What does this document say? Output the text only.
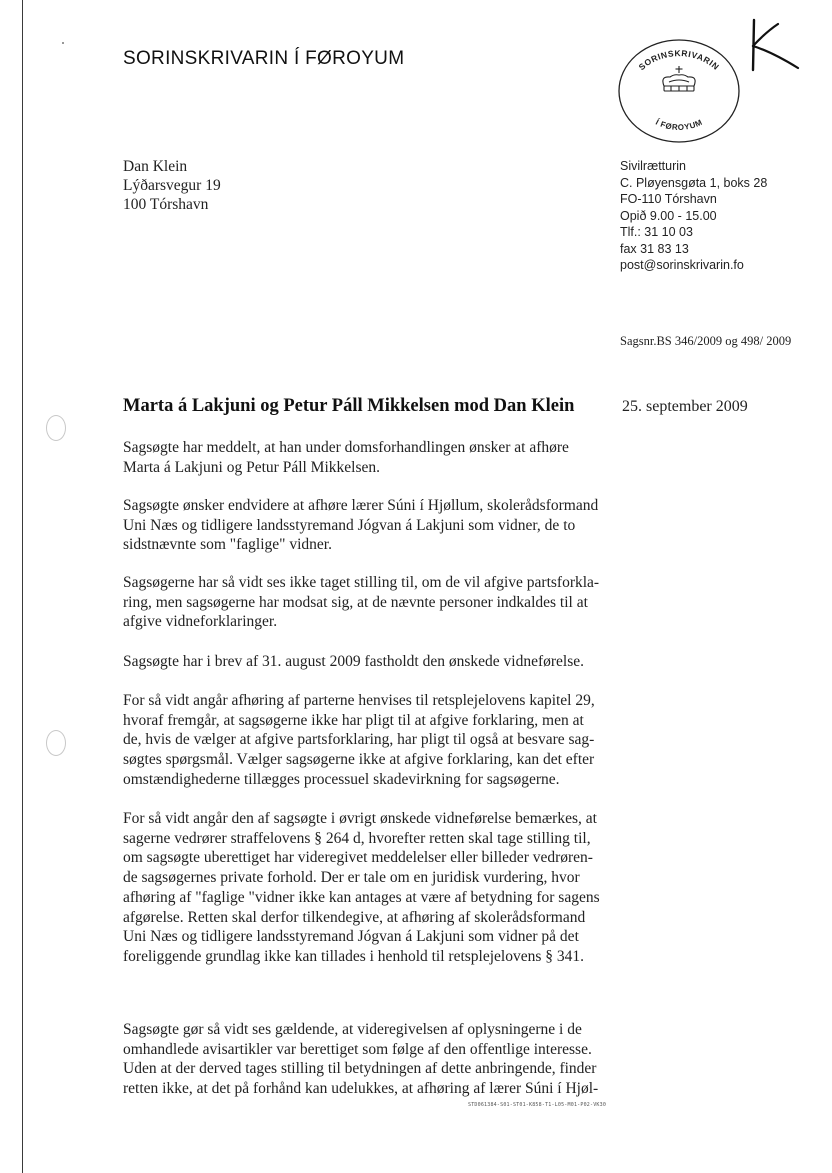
SORINSKRIVARIN Í FØROYUM	SORINSKRIVARIN
Í FØROYUM
Dan Klein
Lýðarsvegur 19
100 Tórshavn
Sivilrætturin
C. Pløyensgøta 1, boks 28
FO-110 Tórshavn
Opið 9.00 - 15.00
Tlf.: 31 10 03
fax 31 83 13
post@sorinskrivarin.fo
Sagsnr.BS 346/2009 og 498/ 2009
Marta á Lakjuni og Petur Páll Mikkelsen mod Dan Klein	25. september 2009
Sagsøgte har meddelt, at han under domsforhandlingen ønsker at afhøre
Marta á Lakjuni og Petur Páll Mikkelsen.
Sagsøgte ønsker endvidere at afhøre lærer Súni í Hjøllum, skolerådsformand
Uni Næs og tidligere landsstyremand Jógvan á Lakjuni som vidner, de to
sidstnævnte som "faglige" vidner.
Sagsøgerne har så vidt ses ikke taget stilling til, om de vil afgive partsforkla-
ring, men sagsøgerne har modsat sig, at de nævnte personer indkaldes til at
afgive vidneforklaringer.
Sagsøgte har i brev af 31. august 2009 fastholdt den ønskede vidneførelse.
For så vidt angår afhøring af parterne henvises til retsplejelovens kapitel 29,
hvoraf fremgår, at sagsøgerne ikke har pligt til at afgive forklaring, men at
de, hvis de vælger at afgive partsforklaring, har pligt til også at besvare sag-
søgtes spørgsmål. Vælger sagsøgerne ikke at afgive forklaring, kan det efter
omstændighederne tillægges processuel skadevirkning for sagsøgerne.
For så vidt angår den af sagsøgte i øvrigt ønskede vidneførelse bemærkes, at
sagerne vedrører straffelovens § 264 d, hvorefter retten skal tage stilling til,
om sagsøgte uberettiget har videregivet meddelelser eller billeder vedrøren-
de sagsøgernes private forhold. Der er tale om en juridisk vurdering, hvor
afhøring af "faglige "vidner ikke kan antages at være af betydning for sagens
afgørelse. Retten skal derfor tilkendegive, at afhøring af skolerådsformand
Uni Næs og tidligere landsstyremand Jógvan á Lakjuni som vidner på det
foreliggende grundlag ikke kan tillades i henhold til retsplejelovens § 341.
Sagsøgte gør så vidt ses gældende, at videregivelsen af oplysningerne i de
omhandlede avisartikler var berettiget som følge af den offentlige interesse.
Uden at der derved tages stilling til betydningen af dette anbringende, finder
retten ikke, at det på forhånd kan udelukkes, at afhøring af lærer Súni í Hjøl-
STD061384-S01-ST01-K858-T1-L05-M01-P02-VK30
